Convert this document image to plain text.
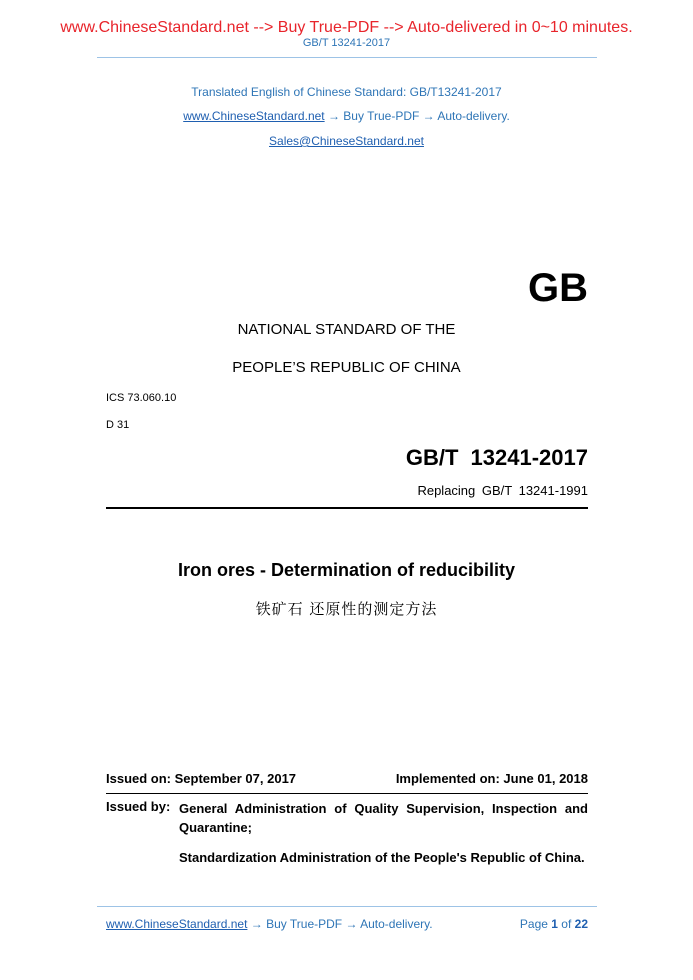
www.ChineseStandard.net --> Buy True-PDF --> Auto-delivered in 0~10 minutes.
GB/T 13241-2017
Translated English of Chinese Standard: GB/T13241-2017
www.ChineseStandard.net → Buy True-PDF → Auto-delivery.
Sales@ChineseStandard.net
GB
NATIONAL STANDARD OF THE
PEOPLE’S REPUBLIC OF CHINA
ICS 73.060.10
D 31
GB/T 13241-2017
Replacing GB/T 13241-1991
Iron ores - Determination of reducibility
铁矿石 还原性的测定方法
Issued on: September 07, 2017	Implemented on: June 01, 2018
Issued by: General Administration of Quality Supervision, Inspection and Quarantine;

Standardization Administration of the People's Republic of China.

www.ChineseStandard.net → Buy True-PDF → Auto-delivery.	Page 1 of 22
